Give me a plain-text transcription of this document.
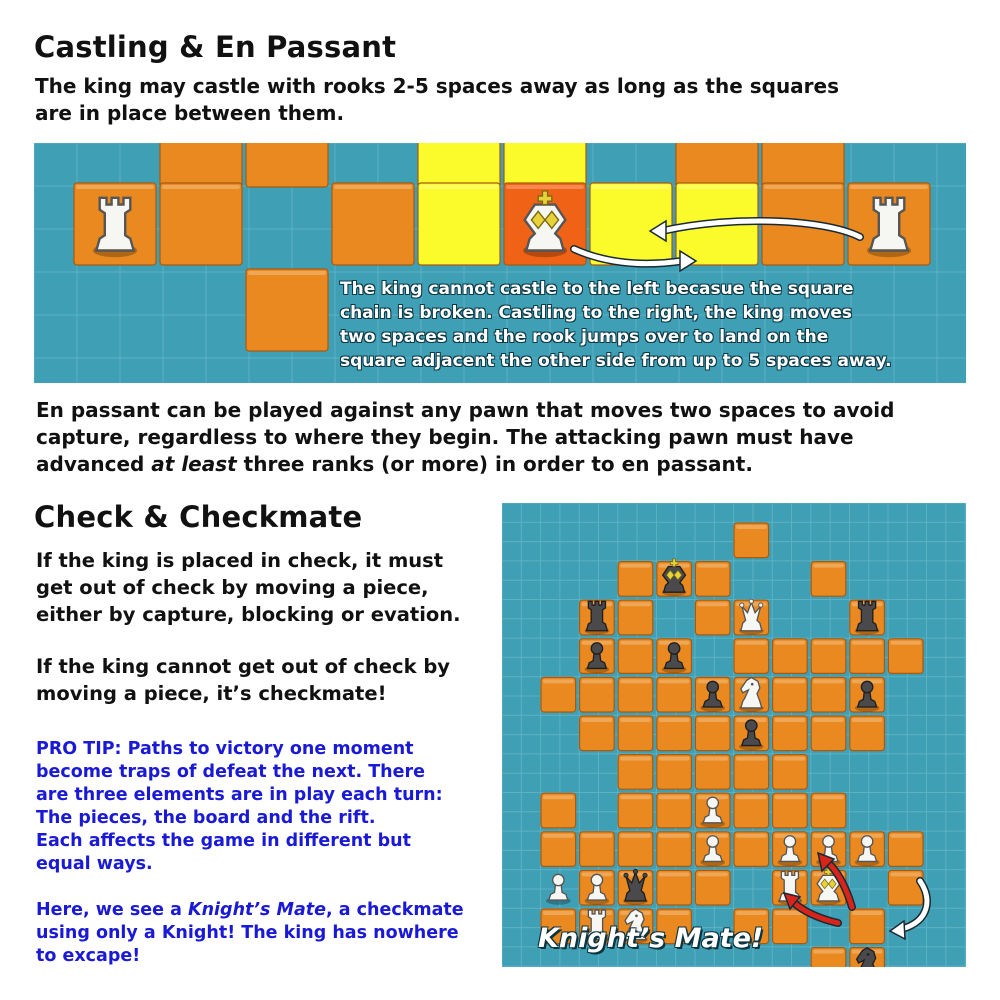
Castling & En Passant
The king may castle with rooks 2-5 spaces away as long as the squares
are in place between them.
The king cannot castle to the left becasue the square
chain is broken. Castling to the right, the king moves
two spaces and the rook jumps over to land on the
square adjacent the other side from up to 5 spaces away.
En passant can be played against any pawn that moves two spaces to avoid
capture, regardless to where they begin. The attacking pawn must have
advanced at least three ranks (or more) in order to en passant.
Check & Checkmate
If the king is placed in check, it must
get out of check by moving a piece,
either by capture, blocking or evation.
If the king cannot get out of check by
moving a piece, it’s checkmate!
PRO TIP: Paths to victory one moment
become traps of defeat the next. There
are three elements are in play each turn:
The pieces, the board and the rift.
Each affects the game in different but
equal ways.
Here, we see a Knight’s Mate, a checkmate
using only a Knight! The king has nowhere
to excape!
Knight’s Mate!
